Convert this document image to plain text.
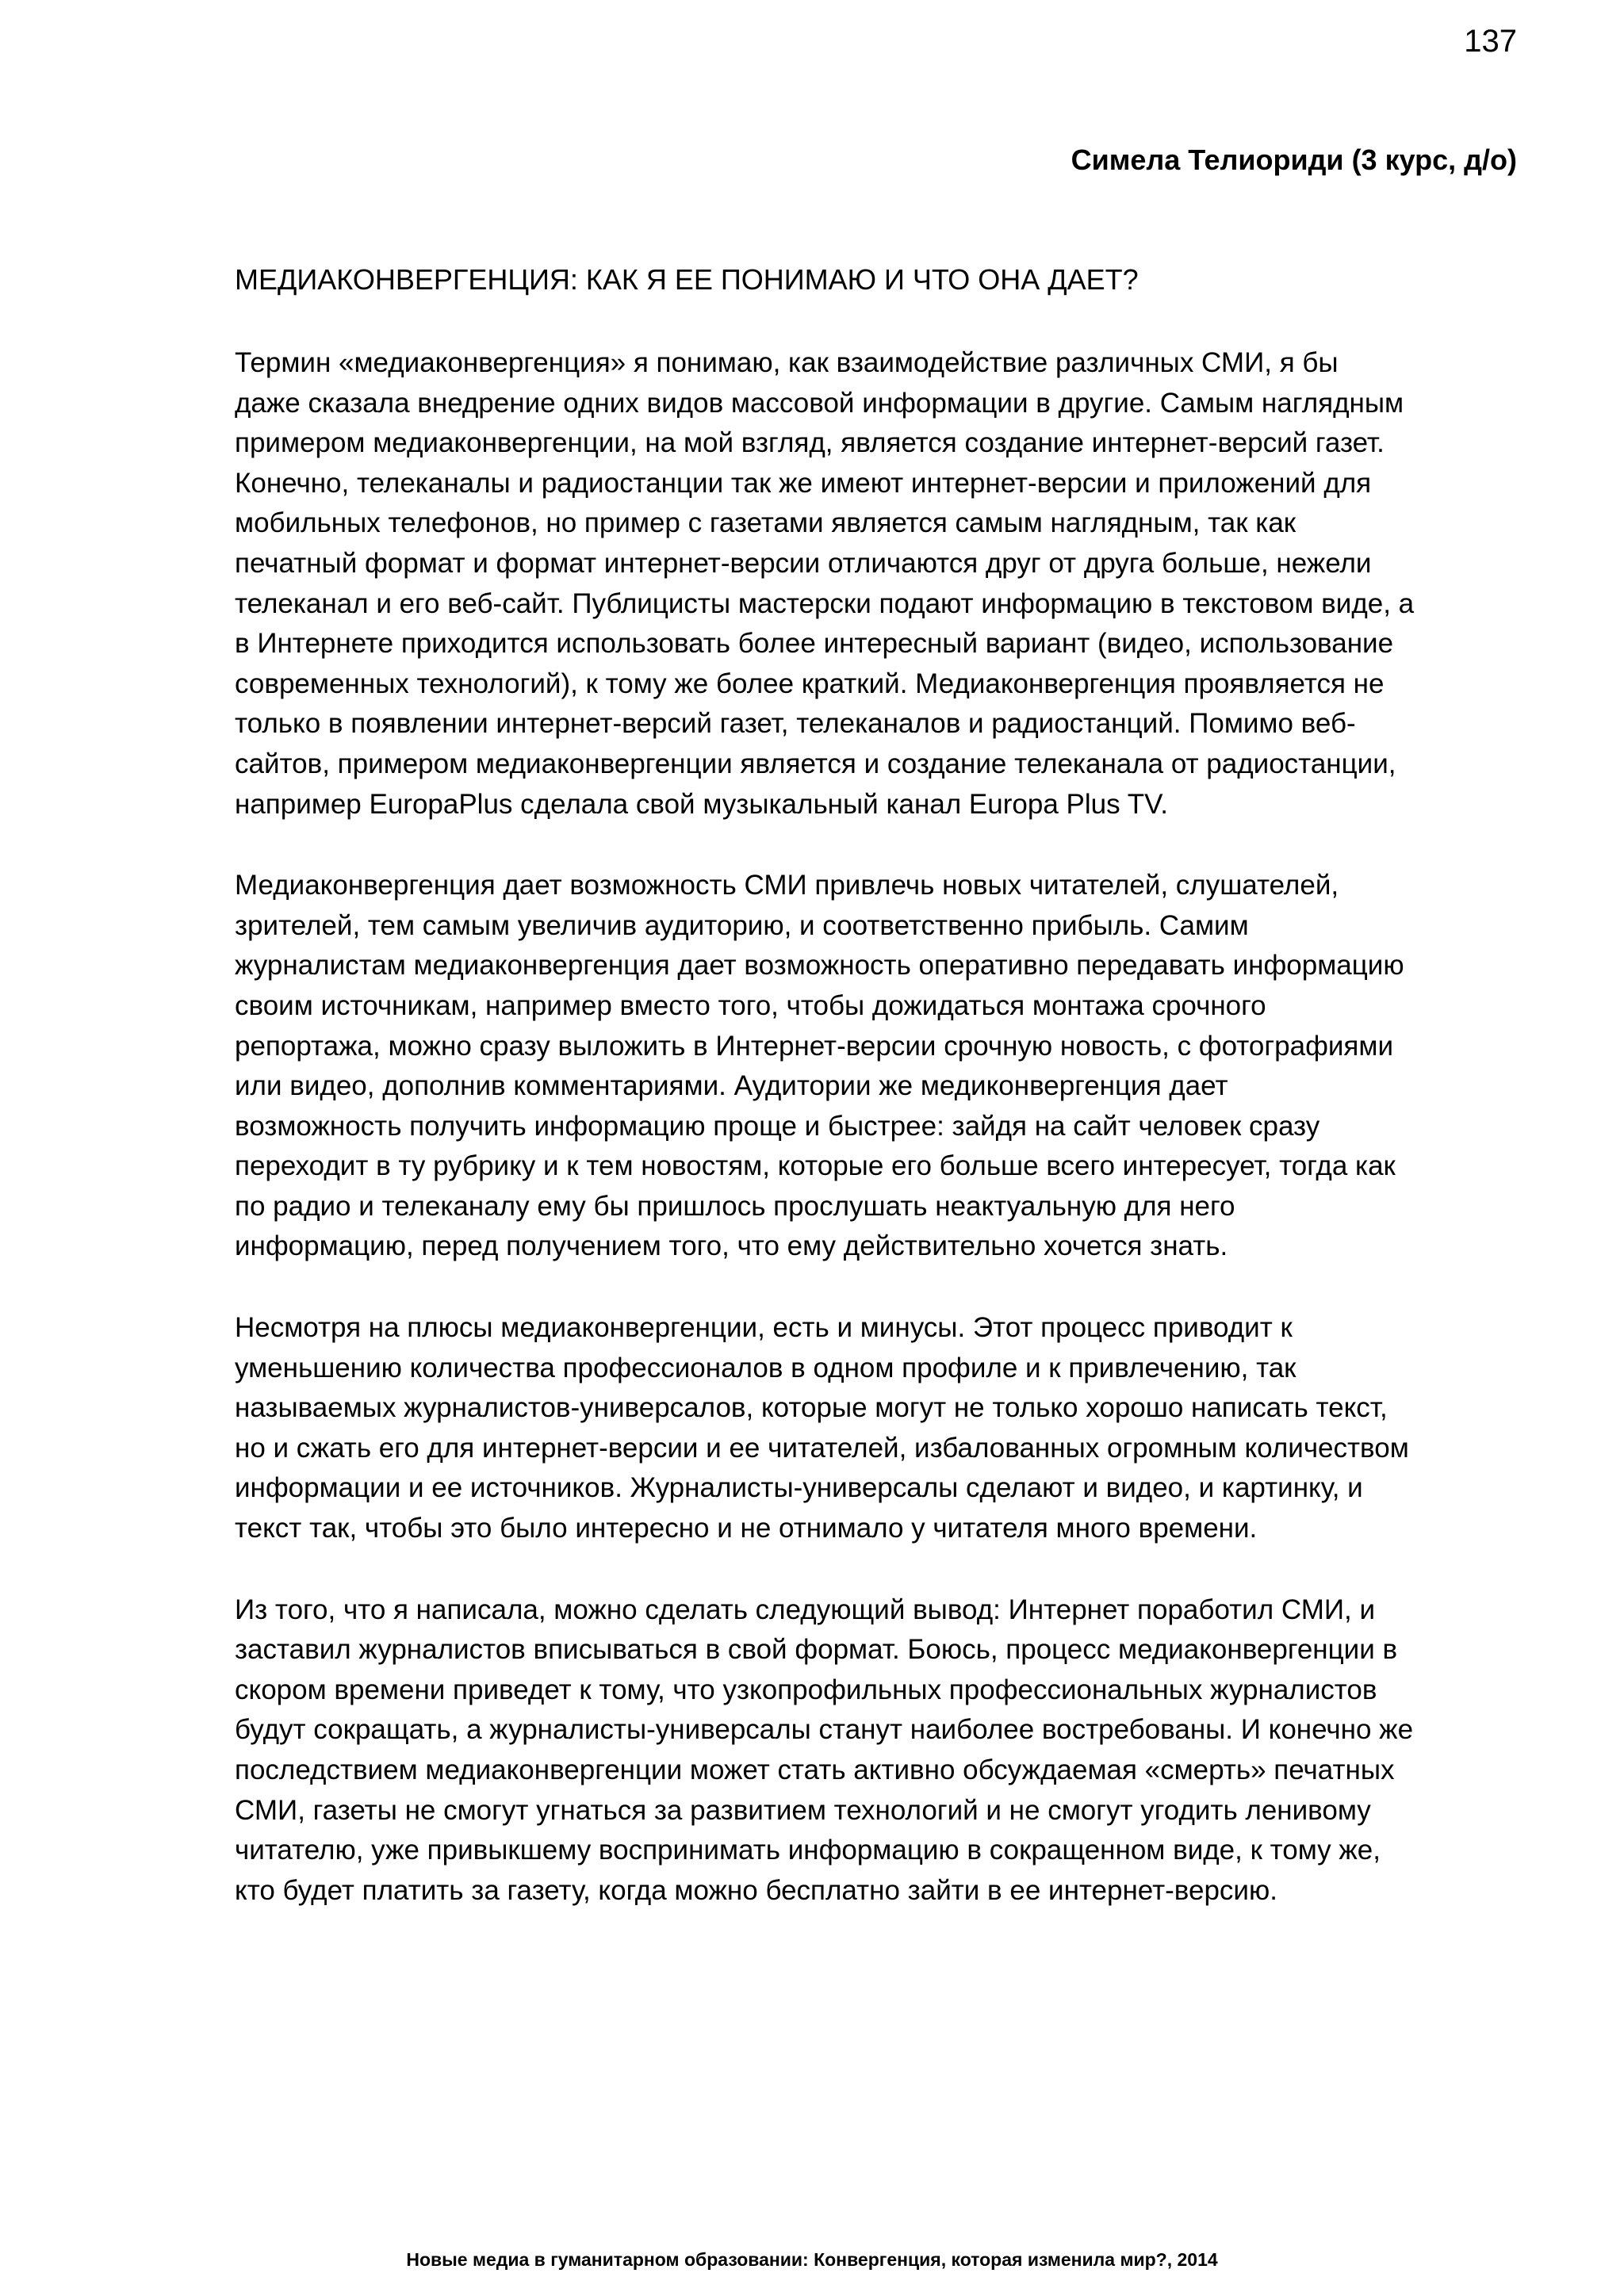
137
Симела Телиориди (3 курс, д/о)
МЕДИАКОНВЕРГЕНЦИЯ: КАК Я ЕЕ ПОНИМАЮ И ЧТО ОНА ДАЕТ?

Термин «медиаконвергенция» я понимаю, как взаимодействие различных СМИ, я бы
даже сказала внедрение одних видов массовой информации в другие. Самым наглядным
примером медиаконвергенции, на мой взгляд, является создание интернет-версий газет.
Конечно, телеканалы и радиостанции так же имеют интернет-версии и приложений для
мобильных телефонов, но пример с газетами является самым наглядным, так как
печатный формат и формат интернет-версии отличаются друг от друга больше, нежели
телеканал и его веб-сайт. Публицисты мастерски подают информацию в текстовом виде, а
в Интернете приходится использовать более интересный вариант (видео, использование
современных технологий), к тому же более краткий. Медиаконвергенция проявляется не
только в появлении интернет-версий газет, телеканалов и радиостанций. Помимо веб-
сайтов, примером медиаконвергенции является и создание телеканала от радиостанции,
например EuropaPlus сделала свой музыкальный канал Europa Plus TV.

Медиаконвергенция дает возможность СМИ привлечь новых читателей, слушателей,
зрителей, тем самым увеличив аудиторию, и соответственно прибыль. Самим
журналистам медиаконвергенция дает возможность оперативно передавать информацию
своим источникам, например вместо того, чтобы дожидаться монтажа срочного
репортажа, можно сразу выложить в Интернет-версии срочную новость, с фотографиями
или видео, дополнив комментариями. Аудитории же медиконвергенция дает
возможность получить информацию проще и быстрее: зайдя на сайт человек сразу
переходит в ту рубрику и к тем новостям, которые его больше всего интересует, тогда как
по радио и телеканалу ему бы пришлось прослушать неактуальную для него
информацию, перед получением того, что ему действительно хочется знать.

Несмотря на плюсы медиаконвергенции, есть и минусы. Этот процесс приводит к
уменьшению количества профессионалов в одном профиле и к привлечению, так
называемых журналистов-универсалов, которые могут не только хорошо написать текст,
но и сжать его для интернет-версии и ее читателей, избалованных огромным количеством
информации и ее источников. Журналисты-универсалы сделают и видео, и картинку, и
текст так, чтобы это было интересно и не отнимало у читателя много времени.

Из того, что я написала, можно сделать следующий вывод: Интернет поработил СМИ, и
заставил журналистов вписываться в свой формат. Боюсь, процесс медиаконвергенции в
скором времени приведет к тому, что узкопрофильных профессиональных журналистов
будут сокращать, а журналисты-универсалы станут наиболее востребованы. И конечно же
последствием медиаконвергенции может стать активно обсуждаемая «смерть» печатных
СМИ, газеты не смогут угнаться за развитием технологий и не смогут угодить ленивому
читателю, уже привыкшему воспринимать информацию в сокращенном виде, к тому же,
кто будет платить за газету, когда можно бесплатно зайти в ее интернет-версию.

Новые медиа в гуманитарном образовании: Конвергенция, которая изменила мир?, 2014
